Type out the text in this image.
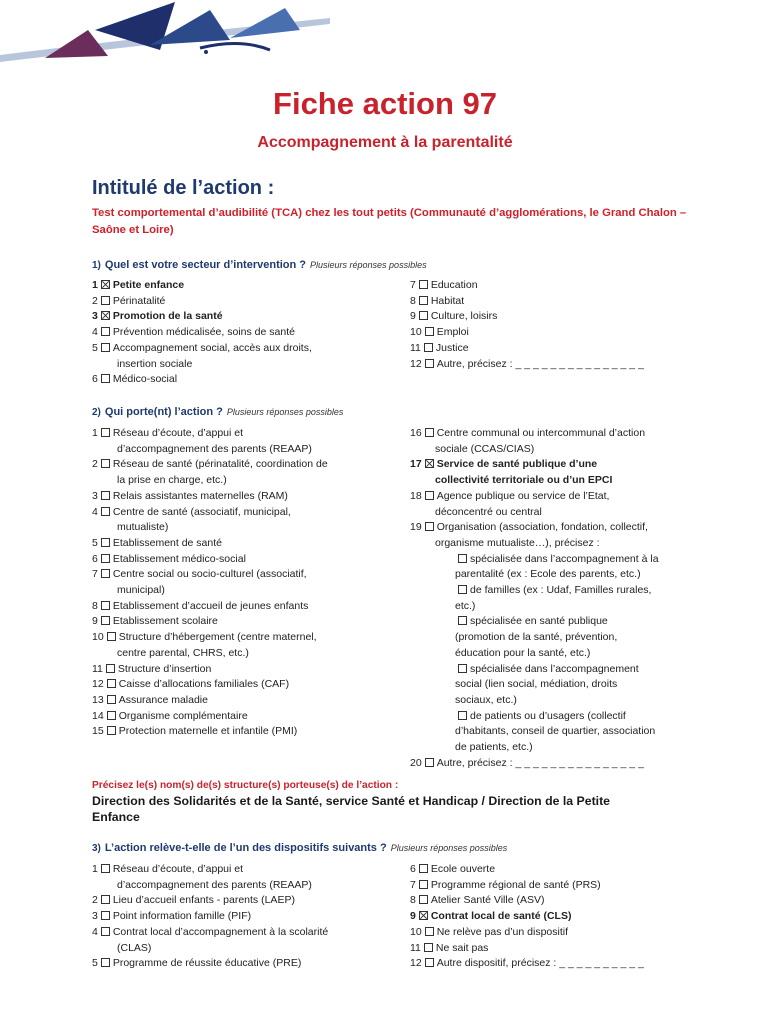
Fiche action 97
Accompagnement à la parentalité
Intitulé de l’action :
Test comportemental d’audibilité (TCA) chez les tout petits (Communauté d’agglomérations, le Grand Chalon – Saône et Loire)
1) Quel est votre secteur d’intervention ? Plusieurs réponses possibles
1 Petite enfance
2 Périnatalité
3 Promotion de la santé
4 Prévention médicalisée, soins de santé
5 Accompagnement social, accès aux droits,
insertion sociale
6 Médico-social
7 Education
8 Habitat
9 Culture, loisirs
10 Emploi
11 Justice
12 Autre, précisez : _ _ _ _ _ _ _ _ _ _ _ _ _ _ _
2) Qui porte(nt) l’action ? Plusieurs réponses possibles
1 Réseau d’écoute, d’appui et
d’accompagnement des parents (REAAP)
2 Réseau de santé (périnatalité, coordination de
la prise en charge, etc.)
3 Relais assistantes maternelles (RAM)
4 Centre de santé (associatif, municipal,
mutualiste)
5 Etablissement de santé
6 Etablissement médico-social
7 Centre social ou socio-culturel (associatif,
municipal)
8 Etablissement d’accueil de jeunes enfants
9 Etablissement scolaire
10 Structure d’hébergement (centre maternel,
centre parental, CHRS, etc.)
11 Structure d’insertion
12 Caisse d’allocations familiales (CAF)
13 Assurance maladie
14 Organisme complémentaire
15 Protection maternelle et infantile (PMI)
16 Centre communal ou intercommunal d’action
sociale (CCAS/CIAS)
17 Service de santé publique d’une
collectivité territoriale ou d’un EPCI
18 Agence publique ou service de l’Etat,
déconcentré ou central
19 Organisation (association, fondation, collectif,
organisme mutualiste…), précisez :
spécialisée dans l’accompagnement à la
parentalité (ex : Ecole des parents, etc.)
de familles (ex : Udaf, Familles rurales,
etc.)
spécialisée en santé publique
(promotion de la santé, prévention,
éducation pour la santé, etc.)
spécialisée dans l’accompagnement
social (lien social, médiation, droits
sociaux, etc.)
de patients ou d’usagers (collectif
d’habitants, conseil de quartier, association
de patients, etc.)
20 Autre, précisez : _ _ _ _ _ _ _ _ _ _ _ _ _ _ _
Précisez le(s) nom(s) de(s) structure(s) porteuse(s) de l’action :
Direction des Solidarités et de la Santé, service Santé et Handicap / Direction de la Petite Enfance
3) L’action relève-t-elle de l’un des dispositifs suivants ? Plusieurs réponses possibles
1 Réseau d’écoute, d’appui et
d’accompagnement des parents (REAAP)
2 Lieu d’accueil enfants - parents (LAEP)
3 Point information famille (PIF)
4 Contrat local d’accompagnement à la scolarité
(CLAS)
5 Programme de réussite éducative (PRE)
6 Ecole ouverte
7 Programme régional de santé (PRS)
8 Atelier Santé Ville (ASV)
9 Contrat local de santé (CLS)
10 Ne relève pas d’un dispositif
11 Ne sait pas
12 Autre dispositif, précisez : _ _ _ _ _ _ _ _ _ _
